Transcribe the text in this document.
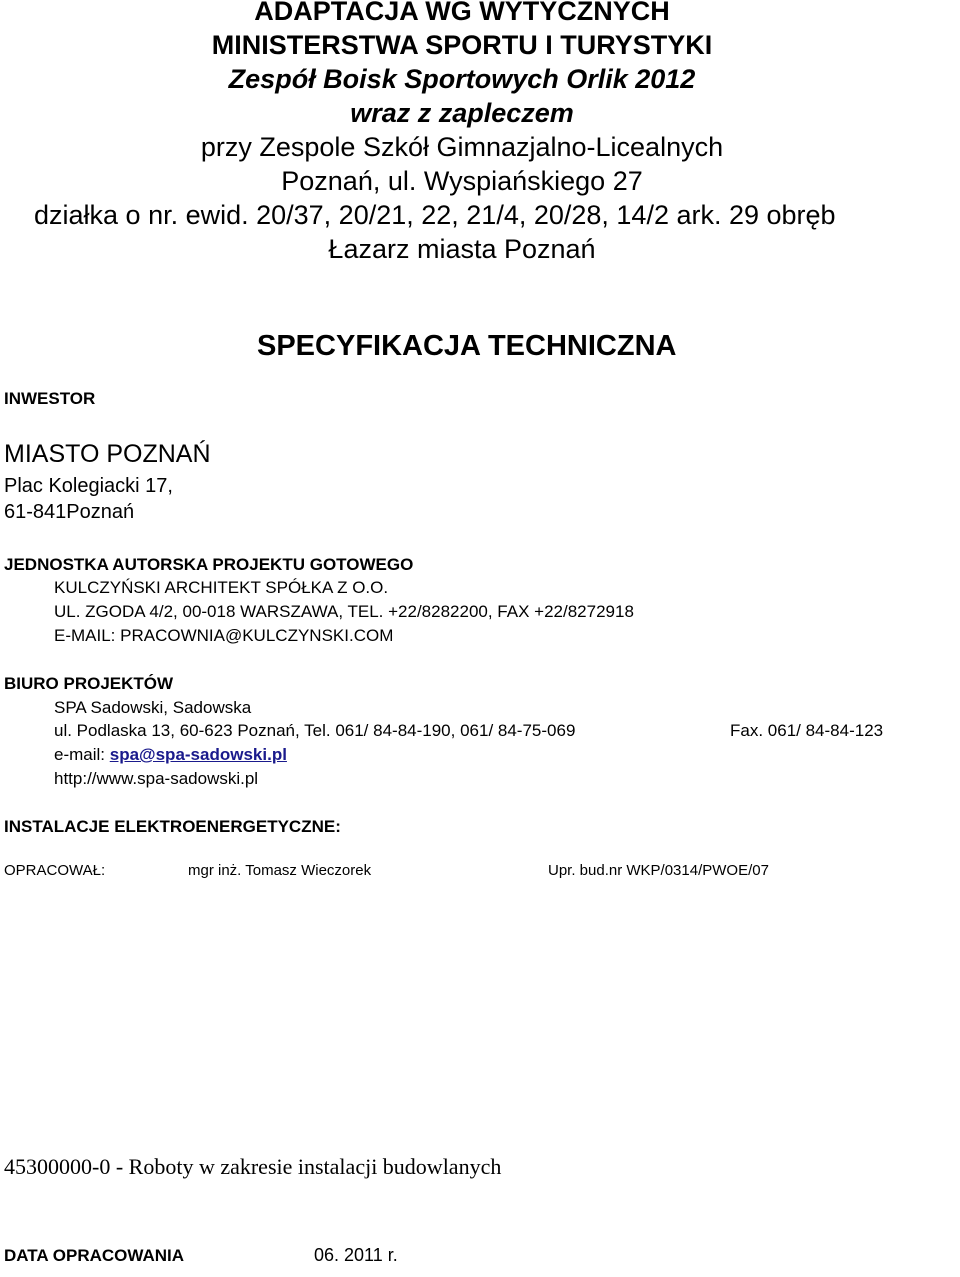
ADAPTACJA WG WYTYCZNYCH
MINISTERSTWA SPORTU I TURYSTYKI
Zespół Boisk Sportowych Orlik 2012
wraz z zapleczem
przy Zespole Szkół Gimnazjalno-Licealnych
Poznań, ul. Wyspiańskiego 27
działka o nr. ewid. 20/37, 20/21, 22, 21/4, 20/28, 14/2 ark. 29 obręb
Łazarz miasta Poznań
SPECYFIKACJA TECHNICZNA
INWESTOR
MIASTO POZNAŃ
Plac Kolegiacki 17,
61-841Poznań
JEDNOSTKA AUTORSKA PROJEKTU GOTOWEGO
KULCZYŃSKI ARCHITEKT SPÓŁKA Z O.O.
UL. ZGODA 4/2, 00-018 WARSZAWA, TEL. +22/8282200, FAX +22/8272918
E-MAIL: PRACOWNIA@KULCZYNSKI.COM
BIURO PROJEKTÓW
SPA Sadowski, Sadowska
ul. Podlaska 13, 60-623 Poznań, Tel. 061/ 84-84-190, 061/ 84-75-069	Fax. 061/ 84-84-123
e-mail: spa@spa-sadowski.pl
http://www.spa-sadowski.pl
INSTALACJE ELEKTROENERGETYCZNE:
OPRACOWAŁ:	mgr inż. Tomasz Wieczorek	Upr. bud.nr WKP/0314/PWOE/07
45300000-0 - Roboty w zakresie instalacji budowlanych
DATA OPRACOWANIA	06. 2011 r.
